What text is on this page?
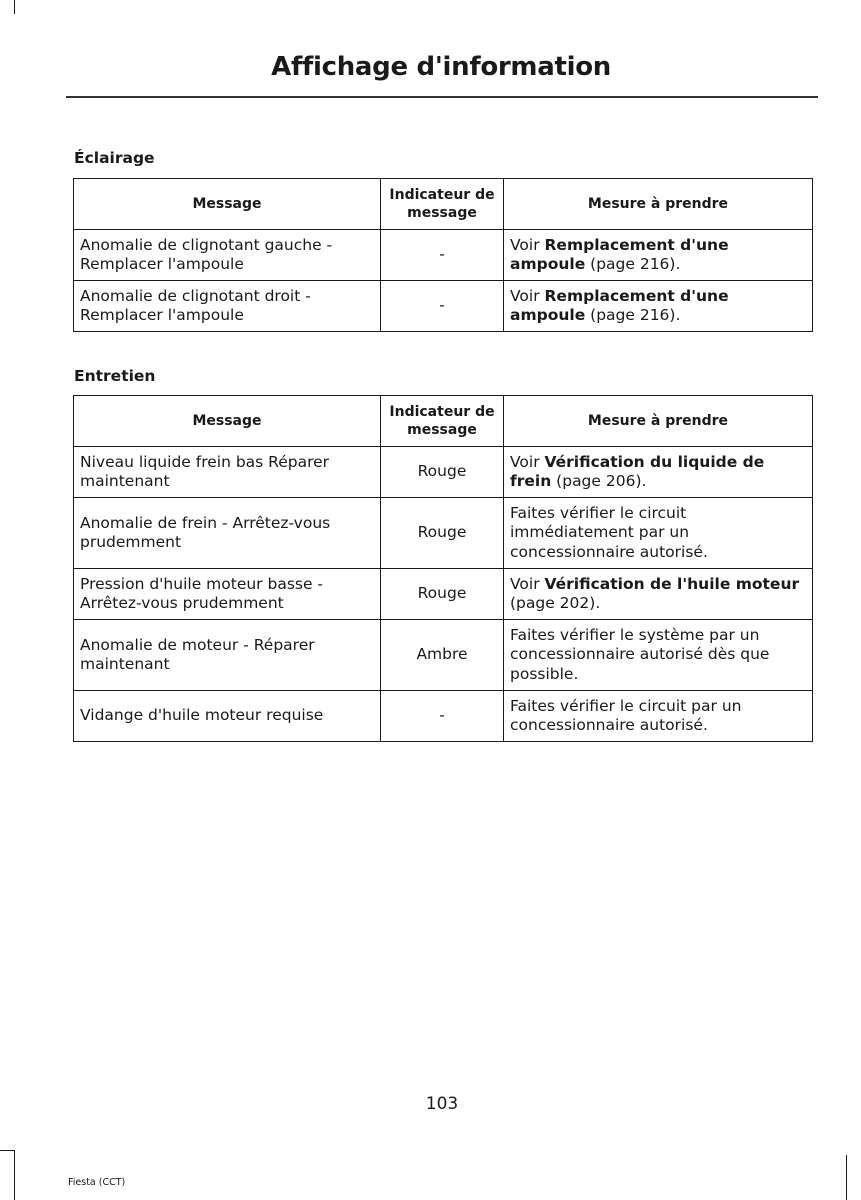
Affichage d'information
Éclairage
Message	Indicateur de message	Mesure à prendre
Anomalie de clignotant gauche - Remplacer l'ampoule	-	Voir Remplacement d'une ampoule (page 216).
Anomalie de clignotant droit - Remplacer l'ampoule	-	Voir Remplacement d'une ampoule (page 216).
Entretien
Message	Indicateur de message	Mesure à prendre
Niveau liquide frein bas Réparer maintenant	Rouge	Voir Vérification du liquide de frein (page 206).
Anomalie de frein - Arrêtez-vous prudemment	Rouge	Faites vérifier le circuit immédiatement par un concessionnaire autorisé.
Pression d'huile moteur basse - Arrêtez-vous prudemment	Rouge	Voir Vérification de l'huile moteur (page 202).
Anomalie de moteur - Réparer maintenant	Ambre	Faites vérifier le système par un concessionnaire autorisé dès que possible.
Vidange d'huile moteur requise	-	Faites vérifier le circuit par un concessionnaire autorisé.
103
Fiesta (CCT)
